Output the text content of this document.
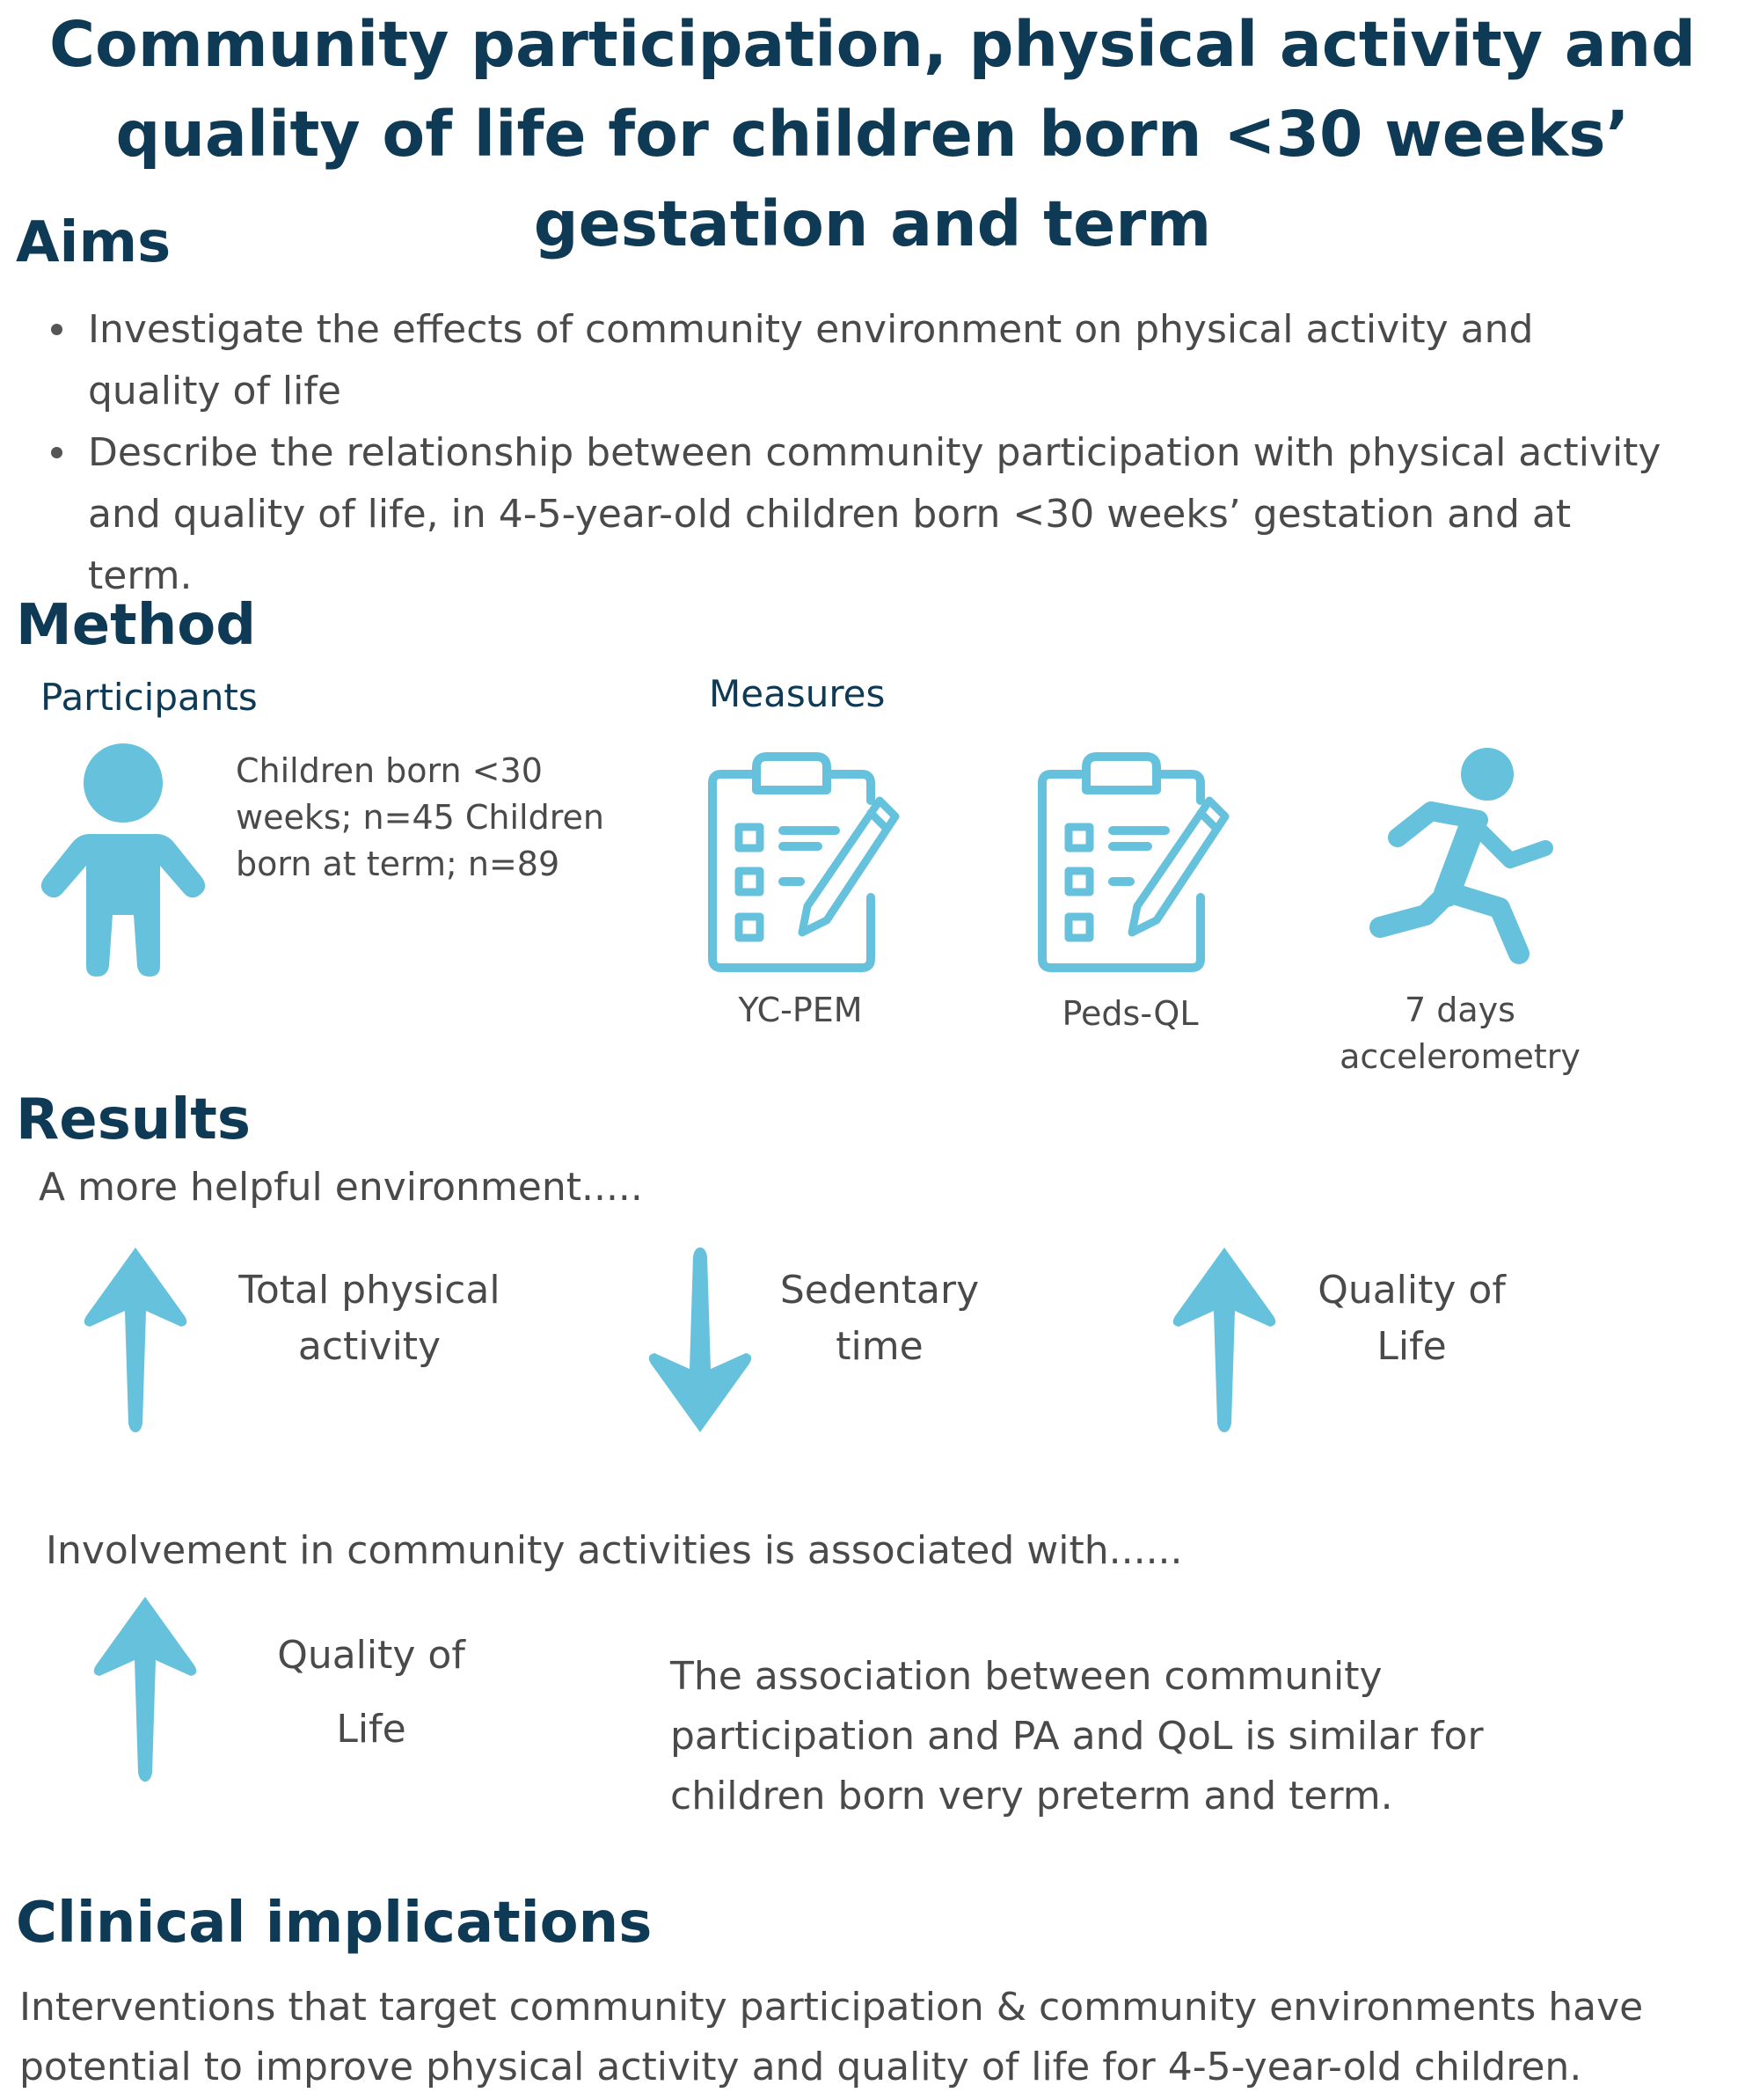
Community participation, physical activity and quality of life for children born <30 weeks’ gestation and term
Aims
Investigate the effects of community environment on physical activity and quality of life
Describe the relationship between community participation with physical activity and quality of life, in 4-5-year-old children born <30 weeks’ gestation and at term.
Method
Participants
Children born <30 weeks; n=45 Children born at term; n=89
Measures
YC-PEM	Peds-QL	7 days accelerometry
Results
A more helpful environment.....
Total physical activity
Sedentary time
Quality of Life
Involvement in community activities is associated with......
Quality of Life
The association between community participation and PA and QoL is similar for children born very preterm and term.
Clinical implications
Interventions that target community participation & community environments have potential to improve physical activity and quality of life for 4-5-year-old children.
